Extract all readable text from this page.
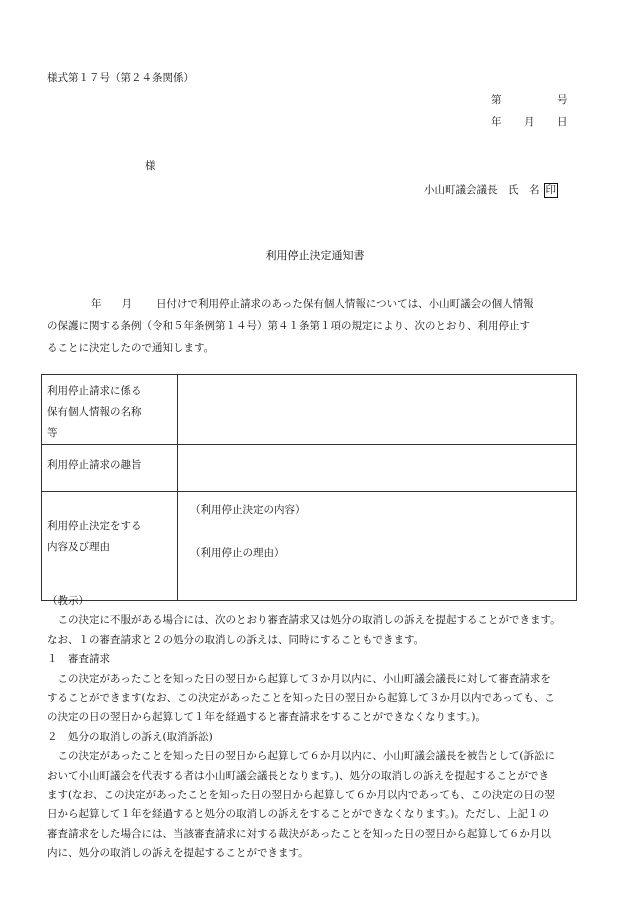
様式第１７号（第２４条関係）
第	号
年 月 日
様
小山町議会議長　氏　名 印
利用停止決定通知書
年 月 日付けで利用停止請求のあった保有個人情報については、小山町議会の個人情報
の保護に関する条例（令和５年条例第１４号）第４１条第１項の規定により、次のとおり、利用停止す
ることに決定したので通知します。
利用停止請求に係る
保有個人情報の名称
等	

利用停止請求の趣旨	

利用停止決定をする
内容及び理由	（利用停止決定の内容）
（利用停止の理由）
（教示）
　この決定に不服がある場合には、次のとおり審査請求又は処分の取消しの訴えを提起することができます。
なお、１の審査請求と２の処分の取消しの訴えは、同時にすることもできます。
１　審査請求
　この決定があったことを知った日の翌日から起算して３か月以内に、小山町議会議長に対して審査請求を
することができます(なお、この決定があったことを知った日の翌日から起算して３か月以内であっても、こ
の決定の日の翌日から起算して１年を経過すると審査請求をすることができなくなります。)。
２　処分の取消しの訴え(取消訴訟)
　この決定があったことを知った日の翌日から起算して６か月以内に、小山町議会議長を被告として(訴訟に
おいて小山町議会を代表する者は小山町議会議長となります。)、処分の取消しの訴えを提起することができ
ます(なお、この決定があったことを知った日の翌日から起算して６か月以内であっても、この決定の日の翌
日から起算して１年を経過すると処分の取消しの訴えをすることができなくなります。)。ただし、上記１の
審査請求をした場合には、当該審査請求に対する裁決があったことを知った日の翌日から起算して６か月以
内に、処分の取消しの訴えを提起することができます。
